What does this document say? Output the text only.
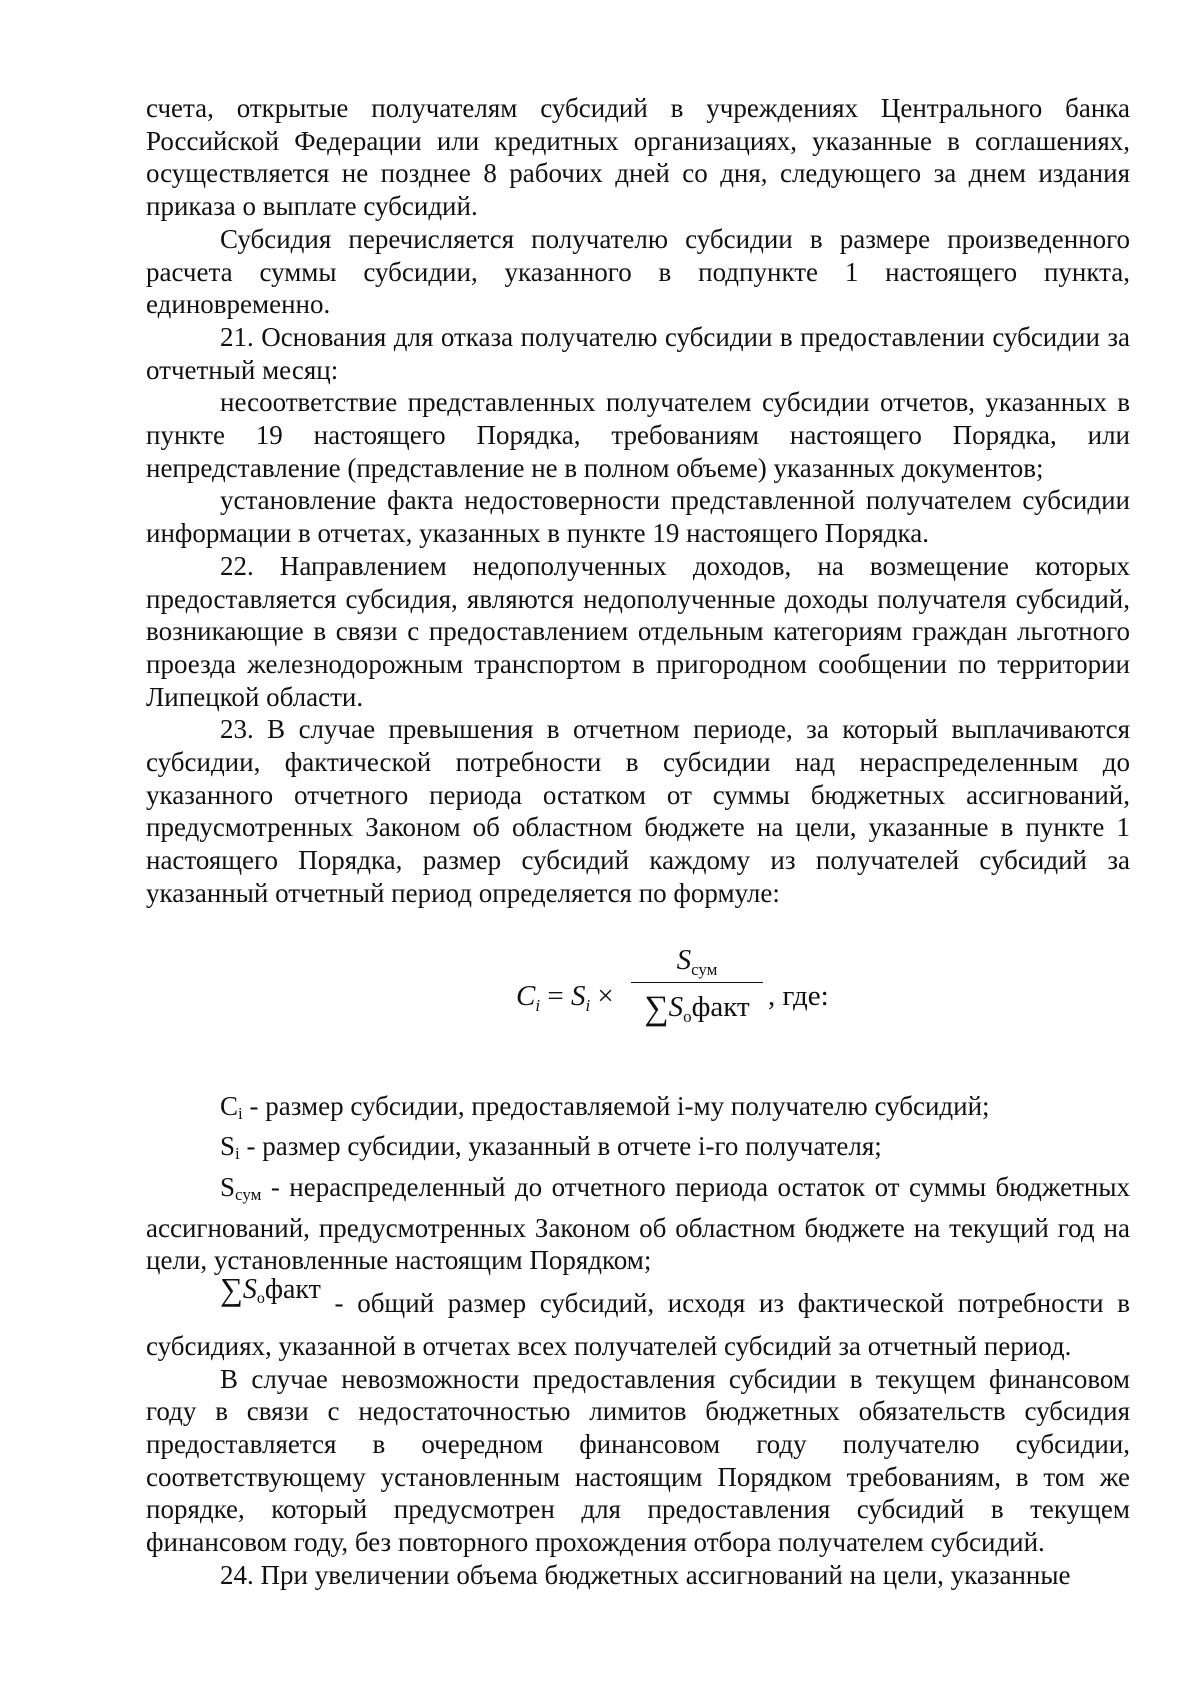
счета, открытые получателям субсидий в учреждениях Центрального банка Российской Федерации или кредитных организациях, указанные в соглашениях, осуществляется не позднее 8 рабочих дней со дня, следующего за днем издания приказа о выплате субсидий.

Субсидия перечисляется получателю субсидии в размере произведенного расчета суммы субсидии, указанного в подпункте 1 настоящего пункта, единовременно.

21. Основания для отказа получателю субсидии в предоставлении субсидии за отчетный месяц:

несоответствие представленных получателем субсидии отчетов, указанных в пункте 19 настоящего Порядка, требованиям настоящего Порядка, или непредставление (представление не в полном объеме) указанных документов;

установление факта недостоверности представленной получателем субсидии информации в отчетах, указанных в пункте 19 настоящего Порядка.

22. Направлением недополученных доходов, на возмещение которых предоставляется субсидия, являются недополученные доходы получателя субсидий, возникающие в связи с предоставлением отдельным категориям граждан льготного проезда железнодорожным транспортом в пригородном сообщении по территории Липецкой области.

23. В случае превышения в отчетном периоде, за который выплачиваются субсидии, фактической потребности в субсидии над нераспределенным до указанного отчетного периода остатком от суммы бюджетных ассигнований, предусмотренных Законом об областном бюджете на цели, указанные в пункте 1 настоящего Порядка, размер субсидий каждому из получателей субсидий за указанный отчетный период определяется по формуле:

$C_i = S_i$ ×
$S_{сум}$
$\sum S_офакт$ , где:

Ci - размер субсидии, предоставляемой i-му получателю субсидий;

Si - размер субсидии, указанный в отчете i-го получателя;

Sсум - нераспределенный до отчетного периода остаток от суммы бюджетных ассигнований, предусмотренных Законом об областном бюджете на текущий год на цели, установленные настоящим Порядком;

$\sum S_офакт$ - общий размер субсидий, исходя из фактической потребности в субсидиях, указанной в отчетах всех получателей субсидий за отчетный период.

В случае невозможности предоставления субсидии в текущем финансовом году в связи с недостаточностью лимитов бюджетных обязательств субсидия предоставляется в очередном финансовом году получателю субсидии, соответствующему установленным настоящим Порядком требованиям, в том же порядке, который предусмотрен для предоставления субсидий в текущем финансовом году, без повторного прохождения отбора получателем субсидий.

24. При увеличении объема бюджетных ассигнований на цели, указанные
